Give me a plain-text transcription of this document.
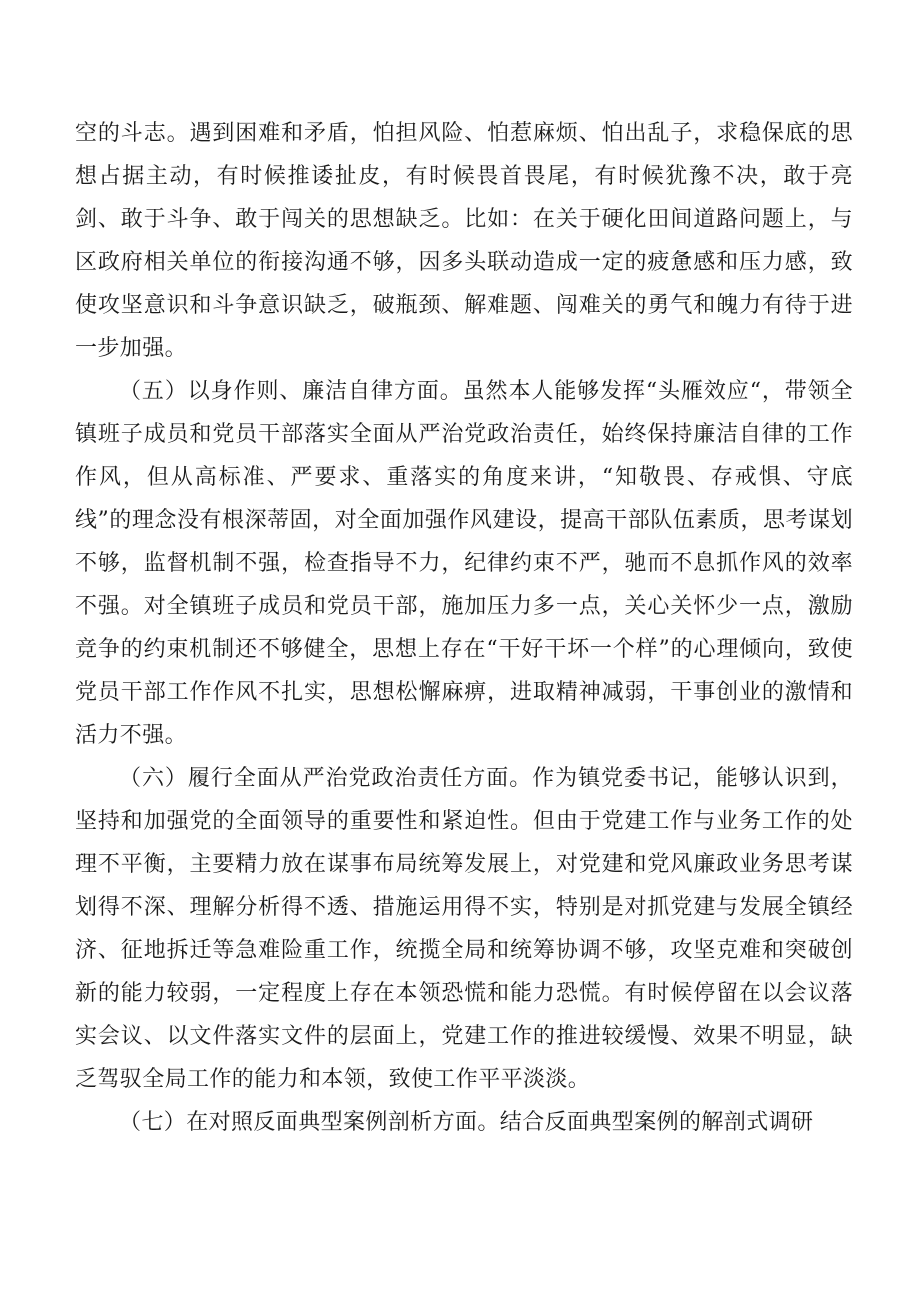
空的斗志。遇到困难和矛盾，怕担风险、怕惹麻烦、怕出乱子，求稳保底的思想占据主动，有时候推诿扯皮，有时候畏首畏尾，有时候犹豫不决，敢于亮剑、敢于斗争、敢于闯关的思想缺乏。比如：在关于硬化田间道路问题上，与区政府相关单位的衔接沟通不够，因多头联动造成一定的疲惫感和压力感，致使攻坚意识和斗争意识缺乏，破瓶颈、解难题、闯难关的勇气和魄力有待于进一步加强。

（五）以身作则、廉洁自律方面。虽然本人能够发挥“头雁效应“，带领全镇班子成员和党员干部落实全面从严治党政治责任，始终保持廉洁自律的工作作风，但从高标准、严要求、重落实的角度来讲，“知敬畏、存戒惧、守底线”的理念没有根深蒂固，对全面加强作风建设，提高干部队伍素质，思考谋划不够，监督机制不强，检查指导不力，纪律约束不严，驰而不息抓作风的效率不强。对全镇班子成员和党员干部，施加压力多一点，关心关怀少一点，激励竞争的约束机制还不够健全，思想上存在“干好干坏一个样”的心理倾向，致使党员干部工作作风不扎实，思想松懈麻痹，进取精神减弱，干事创业的激情和活力不强。

（六）履行全面从严治党政治责任方面。作为镇党委书记，能够认识到，坚持和加强党的全面领导的重要性和紧迫性。但由于党建工作与业务工作的处理不平衡，主要精力放在谋事布局统筹发展上，对党建和党风廉政业务思考谋划得不深、理解分析得不透、措施运用得不实，特别是对抓党建与发展全镇经济、征地拆迁等急难险重工作，统揽全局和统筹协调不够，攻坚克难和突破创新的能力较弱，一定程度上存在本领恐慌和能力恐慌。有时候停留在以会议落实会议、以文件落实文件的层面上，党建工作的推进较缓慢、效果不明显，缺乏驾驭全局工作的能力和本领，致使工作平平淡淡。

（七）在对照反面典型案例剖析方面。结合反面典型案例的解剖式调研
